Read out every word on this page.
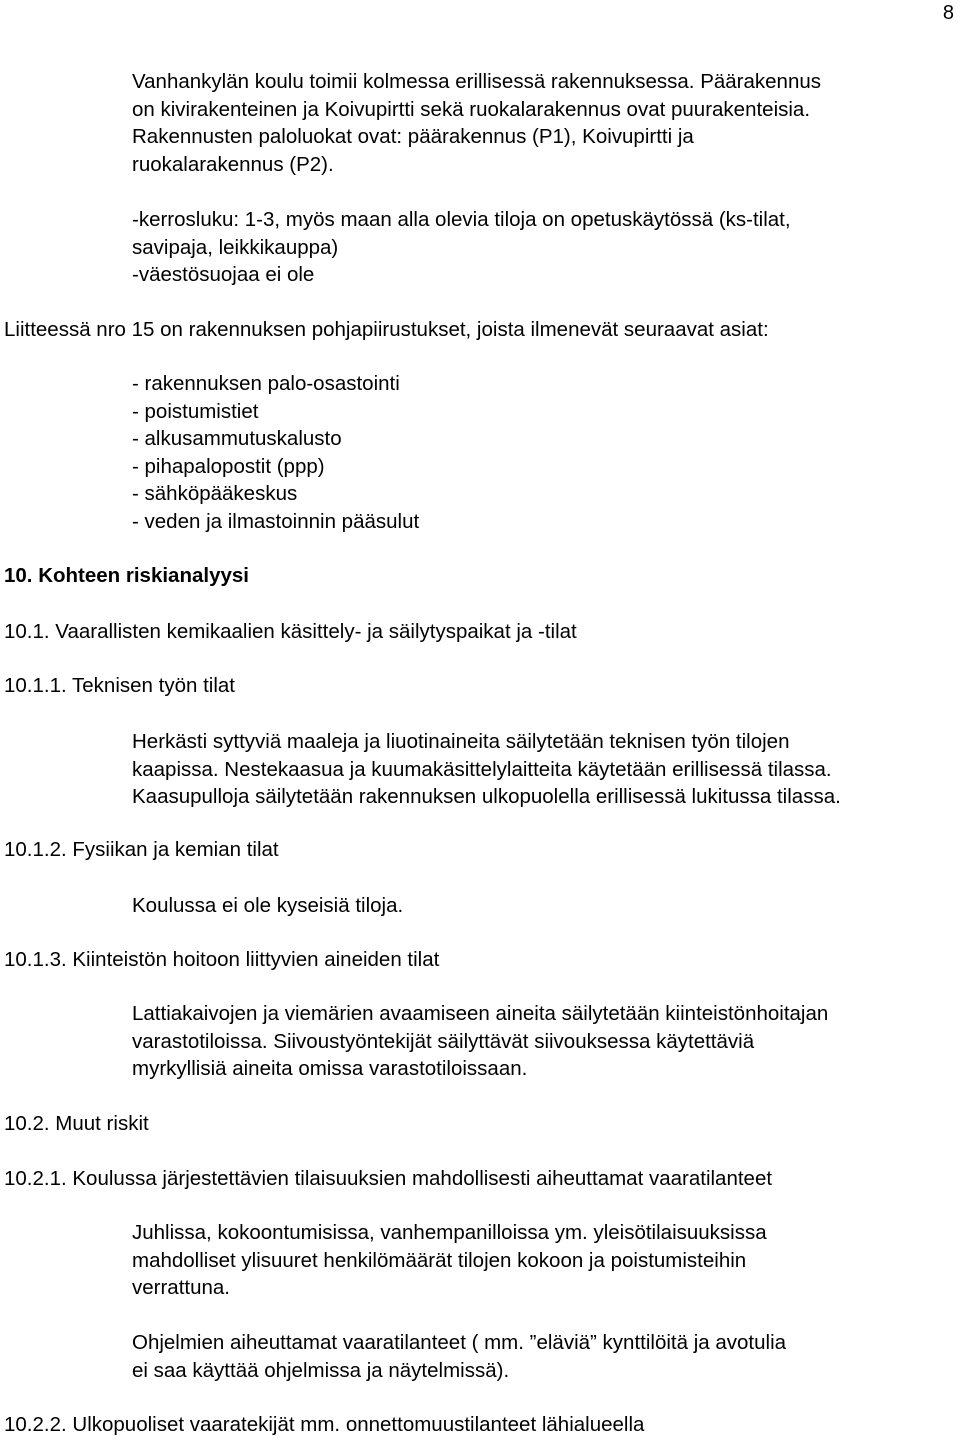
8
Vanhankylän koulu toimii kolmessa erillisessä rakennuksessa. Päärakennus
on kivirakenteinen ja Koivupirtti sekä ruokalarakennus ovat puurakenteisia.
Rakennusten paloluokat ovat: päärakennus (P1), Koivupirtti ja
ruokalarakennus (P2).
-kerrosluku: 1-3, myös maan alla olevia tiloja on opetuskäytössä (ks-tilat,
savipaja, leikkikauppa)
-väestösuojaa ei ole
Liitteessä nro 15 on rakennuksen pohjapiirustukset, joista ilmenevät seuraavat asiat:
- rakennuksen palo-osastointi
- poistumistiet
- alkusammutuskalusto
- pihapalopostit (ppp)
- sähköpääkeskus
- veden ja ilmastoinnin pääsulut
10. Kohteen riskianalyysi
10.1. Vaarallisten kemikaalien käsittely- ja säilytyspaikat ja -tilat
10.1.1. Teknisen työn tilat
Herkästi syttyviä maaleja ja liuotinaineita säilytetään teknisen työn tilojen
kaapissa. Nestekaasua ja kuumakäsittelylaitteita käytetään erillisessä tilassa.
Kaasupulloja säilytetään rakennuksen ulkopuolella erillisessä lukitussa tilassa.
10.1.2. Fysiikan ja kemian tilat
Koulussa ei ole kyseisiä tiloja.
10.1.3. Kiinteistön hoitoon liittyvien aineiden tilat
Lattiakaivojen ja viemärien avaamiseen aineita säilytetään kiinteistönhoitajan
varastotiloissa. Siivoustyöntekijät säilyttävät siivouksessa käytettäviä
myrkyllisiä aineita omissa varastotiloissaan.
10.2. Muut riskit
10.2.1. Koulussa järjestettävien tilaisuuksien mahdollisesti aiheuttamat vaaratilanteet
Juhlissa, kokoontumisissa, vanhempanilloissa ym. yleisötilaisuuksissa
mahdolliset ylisuuret henkilömäärät tilojen kokoon ja poistumisteihin
verrattuna.
Ohjelmien aiheuttamat vaaratilanteet ( mm. ”eläviä” kynttilöitä ja avotulia
ei saa käyttää ohjelmissa ja näytelmissä).
10.2.2. Ulkopuoliset vaaratekijät mm. onnettomuustilanteet lähialueella
